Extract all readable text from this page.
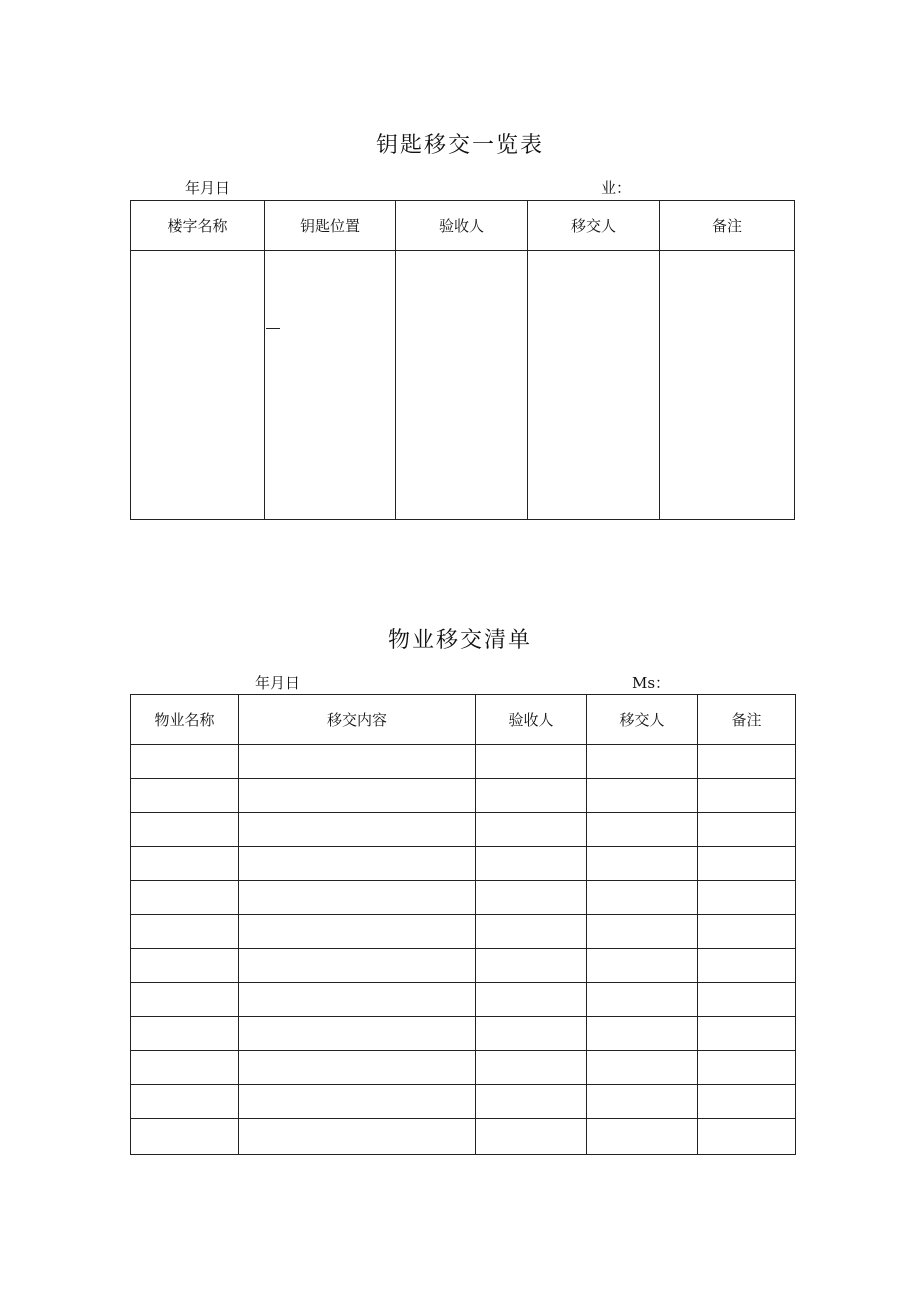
钥匙移交一览表
年月日	业：
楼字名称	钥匙位置	验收人	移交人	备注

物业移交清单
年月日	Ms：
物业名称	移交内容	验收人	移交人	备注
